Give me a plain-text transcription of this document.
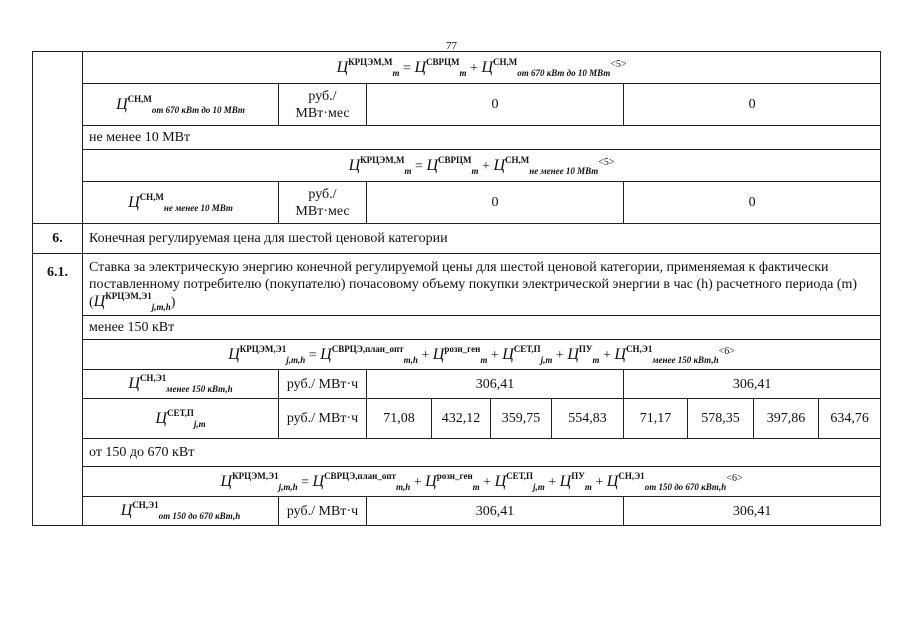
77
	$Ц^{КРЦЭМ,М}_m = Ц^{СВРЦМ}_m + Ц^{СН,М}_{от 670 кВт до 10 МВт}^{<5>}$
	$Ц^{СН,М}_{от 670 кВт до 10 МВт}$	руб./
МВт·мес	0				0			
	не менее 10 МВт									
	$Ц^{КРЦЭМ,М}_m = Ц^{СВРЦМ}_m + Ц^{СН,М}_{не менее 10 МВт}^{<5>}$
	$Ц^{СН,М}_{не менее 10 МВт}$	руб./
МВт·мес	0				0			
6.	Конечная регулируемая цена для шестой ценовой категории									
6.1.	Ставка за электрическую энергию конечной регулируемой цены для шестой ценовой категории, применяемая к фактически поставленному потребителю (покупателю) почасовому объему покупки электрической энергии в час (h) расчетного периода (m) $(Ц^{КРЦЭМ,Э1}_{j,m,h})$									
	менее 150 кВт									
	$Ц^{КРЦЭМ,Э1}_{j,m,h} = Ц^{СВРЦЭ,план\_опт}_{m,h} + Ц^{розн\_ген}_m + Ц^{СЕТ,П}_{j,m} + Ц^{ПУ}_m + Ц^{СН,Э1}_{менее 150 кВт,h}^{<6>}$
	$Ц^{СН,Э1}_{менее 150 кВт,h}$	руб./ МВт·ч	306,41				306,41			
	$Ц^{СЕТ,П}_{j,m}$	руб./ МВт·ч	71,08	432,12	359,75	554,83	71,17	578,35	397,86	634,76
	от 150 до 670 кВт									
	$Ц^{КРЦЭМ,Э1}_{j,m,h} = Ц^{СВРЦЭ,план\_опт}_{m,h} + Ц^{розн\_ген}_m + Ц^{СЕТ,П}_{j,m} + Ц^{ПУ}_m + Ц^{СН,Э1}_{от 150 до 670 кВт,h}^{<6>}$
	$Ц^{СН,Э1}_{от 150 до 670 кВт,h}$	руб./ МВт·ч	306,41				306,41			
